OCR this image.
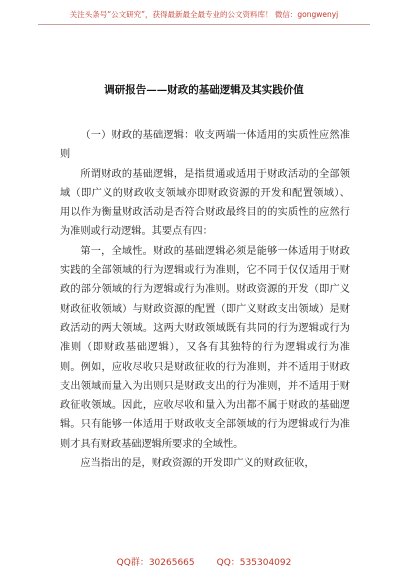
关注头条号“公文研究”，获得最新最全最专业的公文资料库！ 微信：gongwenyj
调研报告——财政的基础逻辑及其实践价值

（一）财政的基础逻辑：收支两端一体适用的实质性应然准则

所谓财政的基础逻辑，是指贯通或适用于财政活动的全部领域（即广义的财政收支领域亦即财政资源的开发和配置领域）、用以作为衡量财政活动是否符合财政最终目的的实质性的应然行为准则或行动逻辑。其要点有四：

第一，全域性。财政的基础逻辑必须是能够一体适用于财政实践的全部领域的行为逻辑或行为准则，它不同于仅仅适用于财政的部分领域的行为逻辑或行为准则。财政资源的开发（即广义财政征收领域）与财政资源的配置（即广义财政支出领域）是财政活动的两大领域。这两大财政领域既有共同的行为逻辑或行为准则（即财政基础逻辑），又各有其独特的行为逻辑或行为准则。例如，应收尽收只是财政征收的行为准则，并不适用于财政支出领域而量入为出则只是财政支出的行为准则，并不适用于财政征收领域。因此，应收尽收和量入为出都不属于财政的基础逻辑。只有能够一体适用于财政收支全部领域的行为逻辑或行为准则才具有财政基础逻辑所要求的全域性。

应当指出的是，财政资源的开发即广义的财政征收，

QQ群：30265665 QQ：535304092
